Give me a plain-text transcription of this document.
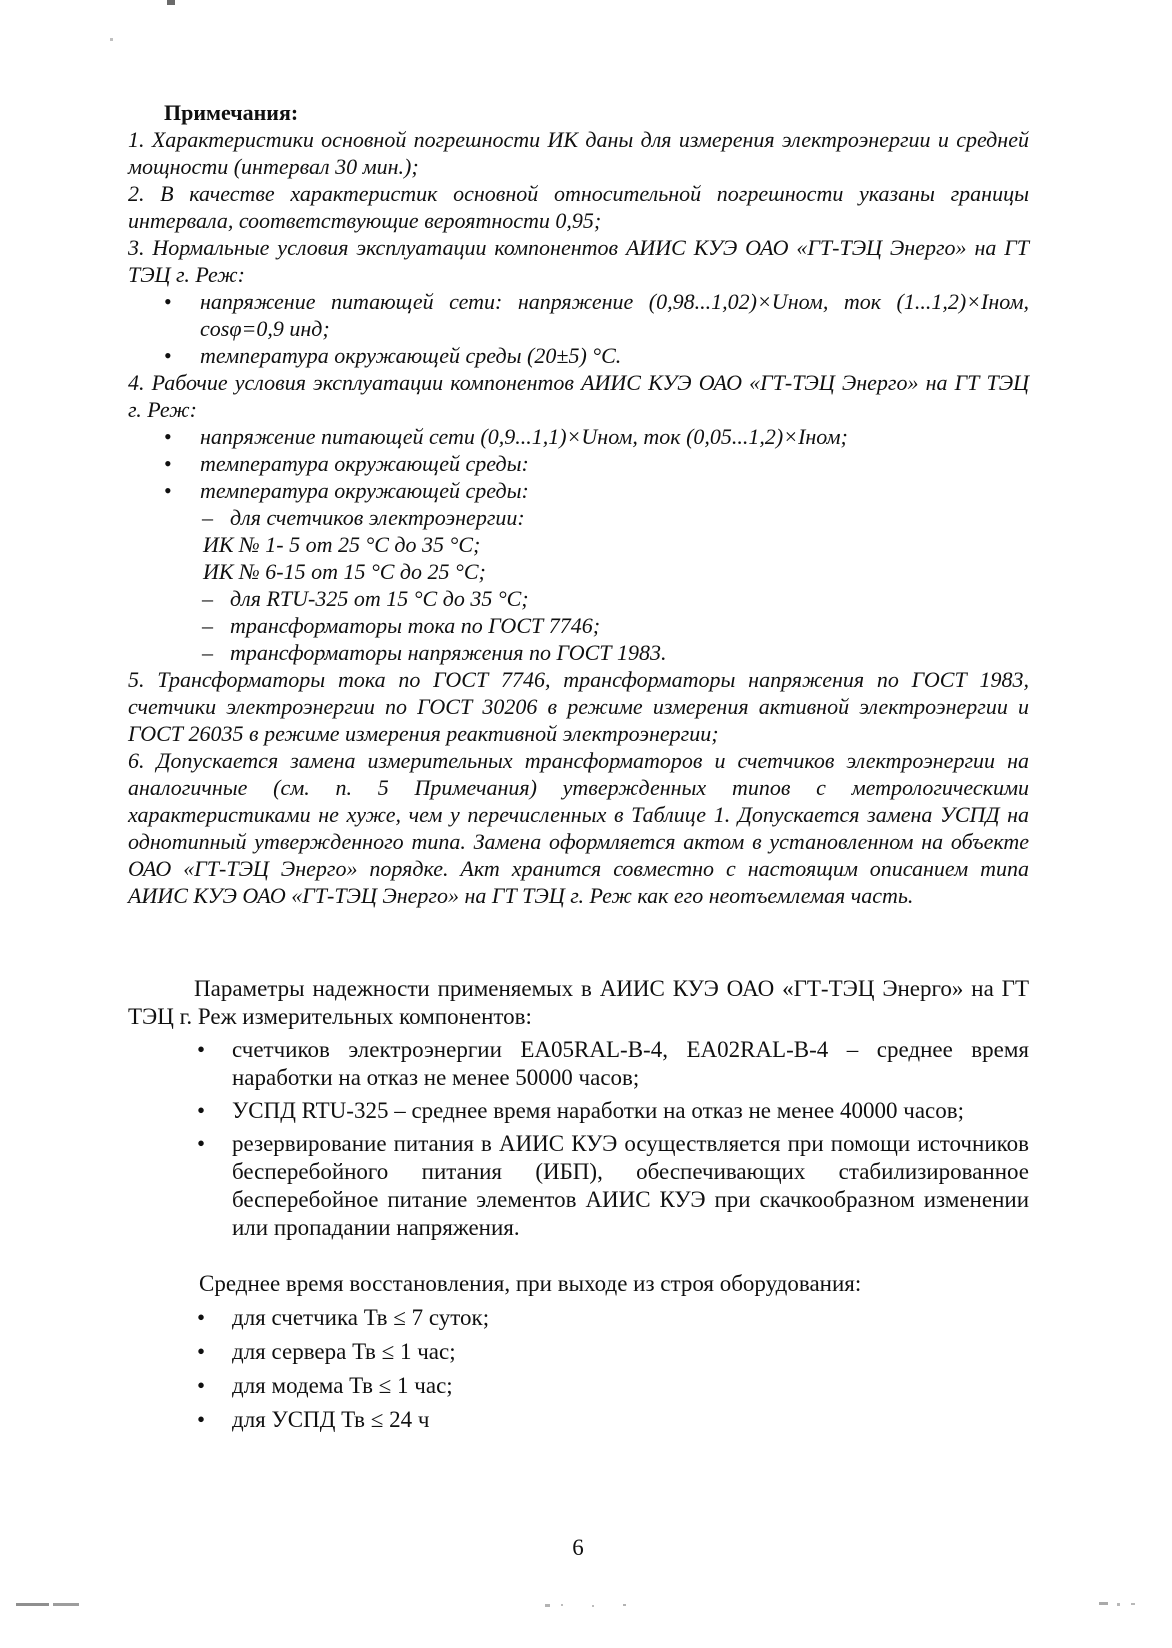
Примечания:

1. Характеристики основной погрешности ИК даны для измерения электроэнергии и средней мощности (интервал 30 мин.);

2. В качестве характеристик основной относительной погрешности указаны границы интервала, соответствующие вероятности 0,95;

3. Нормальные условия эксплуатации компонентов АИИС КУЭ ОАО «ГТ-ТЭЦ Энерго» на ГТ ТЭЦ г. Реж:

•	напряжение питающей сети: напряжение (0,98...1,02)×Uном, ток (1...1,2)×Iном, cosφ=0,9 инд;
•	температура окружающей среды (20±5) °С.

4. Рабочие условия эксплуатации компонентов АИИС КУЭ ОАО «ГТ-ТЭЦ Энерго» на ГТ ТЭЦ г. Реж:

•	напряжение питающей сети (0,9...1,1)×Uном, ток (0,05...1,2)×Iном;
•	температура окружающей среды:
•	температура окружающей среды:
– для счетчиков электроэнергии:

ИК № 1- 5 от 25 °С до 35 °С;

ИК № 6-15 от 15 °С до 25 °С;

– для RTU-325 от 15 °С до 35 °С;
– трансформаторы тока по ГОСТ 7746;
– трансформаторы напряжения по ГОСТ 1983.

5. Трансформаторы тока по ГОСТ 7746, трансформаторы напряжения по ГОСТ 1983, счетчики электроэнергии по ГОСТ 30206 в режиме измерения активной электроэнергии и ГОСТ 26035 в режиме измерения реактивной электроэнергии;

6. Допускается замена измерительных трансформаторов и счетчиков электроэнергии на аналогичные (см. п. 5 Примечания) утвержденных типов с метрологическими характеристиками не хуже, чем у перечисленных в Таблице 1. Допускается замена УСПД на однотипный утвержденного типа. Замена оформляется актом в установленном на объекте ОАО «ГТ-ТЭЦ Энерго» порядке. Акт хранится совместно с настоящим описанием типа АИИС КУЭ ОАО «ГТ-ТЭЦ Энерго» на ГТ ТЭЦ г. Реж как его неотъемлемая часть.

Параметры надежности применяемых в АИИС КУЭ ОАО «ГТ-ТЭЦ Энерго» на ГТ ТЭЦ г. Реж измерительных компонентов:

•	счетчиков электроэнергии EA05RAL-B-4, EA02RAL-B-4 – среднее время наработки на отказ не менее 50000 часов;
•	УСПД RTU-325 – среднее время наработки на отказ не менее 40000 часов;
•	резервирование питания в АИИС КУЭ осуществляется при помощи источников бесперебойного питания (ИБП), обеспечивающих стабилизированное бесперебойное питание элементов АИИС КУЭ при скачкообразном изменении или пропадании напряжения.

Среднее время восстановления, при выходе из строя оборудования:

•	для счетчика Тв ≤ 7 суток;
•	для сервера Тв ≤ 1 час;
•	для модема Тв ≤ 1 час;
•	для УСПД Тв ≤ 24 ч
6
